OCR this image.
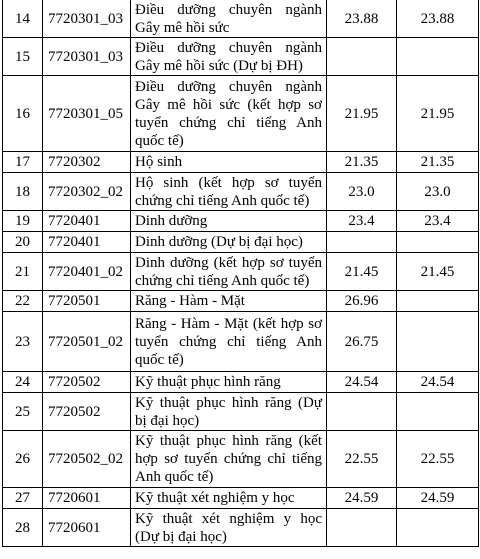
14	7720301_03	Điều dưỡng chuyên ngành Gây mê hồi sức	23.88	23.88
15	7720301_03	Điều dưỡng chuyên ngành Gây mê hồi sức (Dự bị ĐH)		
16	7720301_05	Điều dưỡng chuyên ngành Gây mê hồi sức (kết hợp sơ tuyển chứng chỉ tiếng Anh quốc tế)	21.95	21.95
17	7720302	Hộ sinh	21.35	21.35
18	7720302_02	Hộ sinh (kết hợp sơ tuyển chứng chỉ tiếng Anh quốc tế)	23.0	23.0
19	7720401	Dinh dưỡng	23.4	23.4
20	7720401	Dinh dưỡng (Dự bị đại học)		
21	7720401_02	Dinh dưỡng (kết hợp sơ tuyển chứng chỉ tiếng Anh quốc tế)	21.45	21.45
22	7720501	Răng - Hàm - Mặt	26.96	
23	7720501_02	Răng - Hàm - Mặt (kết hợp sơ tuyển chứng chỉ tiếng Anh quốc tế)	26.75	
24	7720502	Kỹ thuật phục hình răng	24.54	24.54
25	7720502	Kỹ thuật phục hình răng (Dự bị đại học)		
26	7720502_02	Kỹ thuật phục hình răng (kết hợp sơ tuyển chứng chỉ tiếng Anh quốc tế)	22.55	22.55
27	7720601	Kỹ thuật xét nghiệm y học	24.59	24.59
28	7720601	Kỹ thuật xét nghiệm y học (Dự bị đại học)		
